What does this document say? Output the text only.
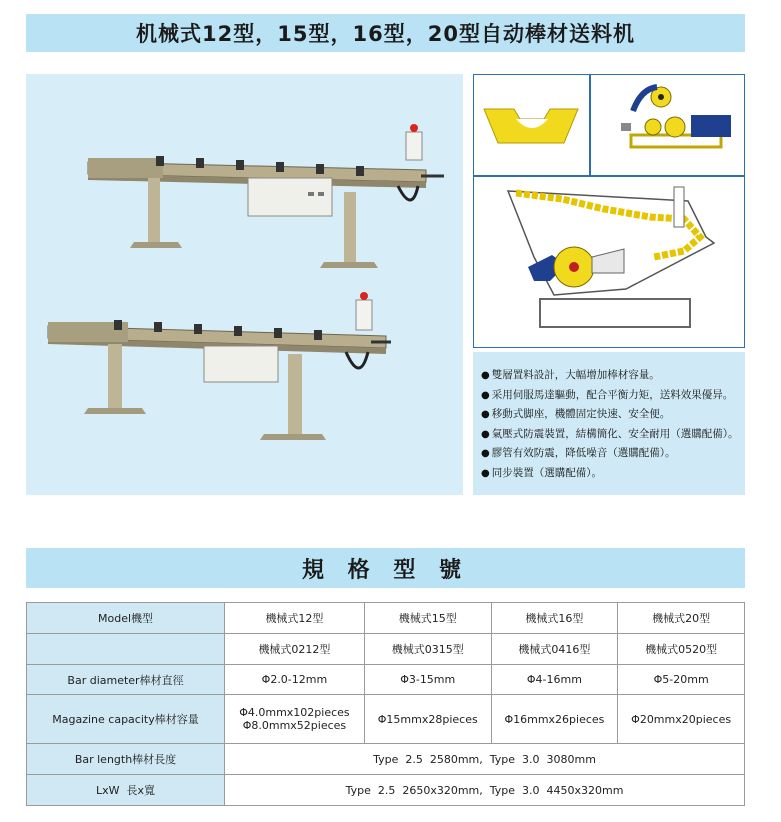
机械式12型，15型，16型，20型自动棒材送料机
● 雙層置料設計，大幅增加棒材容量。
● 采用伺服馬達驅動，配合平衡力矩，送料效果優异。
● 移動式脚座，機體固定快速、安全便。
● 氣壓式防震裝置，結構簡化、安全耐用（選購配備）。
● 膠管有效防震，降低噪音（選購配備）。
● 同步裝置（選購配備）。
規 格 型 號
Model機型	機械式12型	機械式15型	機械式16型	機械式20型
	機械式0212型	機械式0315型	機械式0416型	機械式0520型
Bar diameter棒材直徑	Φ2.0-12mm	Φ3-15mm	Φ4-16mm	Φ5-20mm
Magazine capacity棒材容量	Φ4.0mmx102pieces
Φ8.0mmx52pieces	Φ15mmx28pieces	Φ16mmx26pieces	Φ20mmx20pieces
Bar length棒材長度	Type  2.5  2580mm,  Type  3.0  3080mm			
LxW  長x寬	Type  2.5  2650x320mm,  Type  3.0  4450x320mm			
